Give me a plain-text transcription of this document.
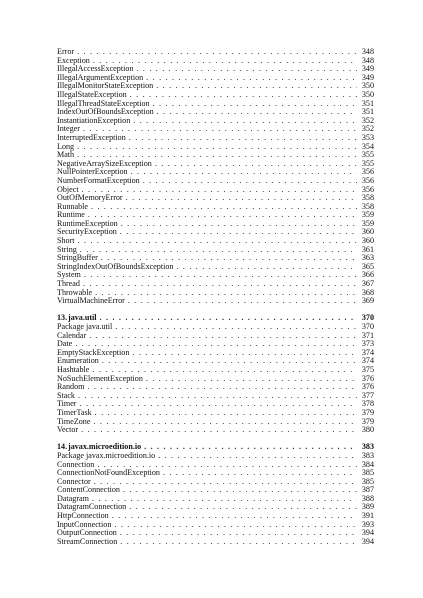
Error . . .	348
Exception . . .	348
IllegalAccessException . . .	349
IllegalArgumentException . . .	349
IllegalMonitorStateException . . .	350
IllegalStateException . . .	350
IllegalThreadStateException . . .	351
IndexOutOfBoundsException . . .	351
InstantiationException . . .	352
Integer . . .	352
InterruptedException . . .	353
Long . . .	354
Math . . .	355
NegativeArraySizeException . . .	355
NullPointerException . . .	356
NumberFormatException . . .	356
Object . . .	356
OutOfMemoryError . . .	358
Runnable . . .	358
Runtime . . .	359
RuntimeException . . .	359
SecurityException . . .	360
Short . . .	360
String . . .	361
StringBuffer . . .	363
StringIndexOutOfBoundsException . . .	365
System . . .	366
Thread . . .	367
Throwable . . .	368
VirtualMachineError . . .	369
13.java.util . . .	370
Package java.util . . .	370
Calendar . . .	371
Date . . .	373
EmptyStackException . . .	374
Enumeration . . .	374
Hashtable . . .	375
NoSuchElementException . . .	376
Random . . .	376
Stack . . .	377
Timer . . .	378
TimerTask . . .	379
TimeZone . . .	379
Vector . . .	380
14.javax.microedition.io . . .	383
Package javax.microedition.io . . .	383
Connection . . .	384
ConnectionNotFoundException . . .	385
Connector . . .	385
ContentConnection . . .	387
Datagram . . .	388
DatagramConnection . . .	389
HttpConnection . . .	391
InputConnection . . .	393
OutputConnection . . .	394
StreamConnection . . .	394
